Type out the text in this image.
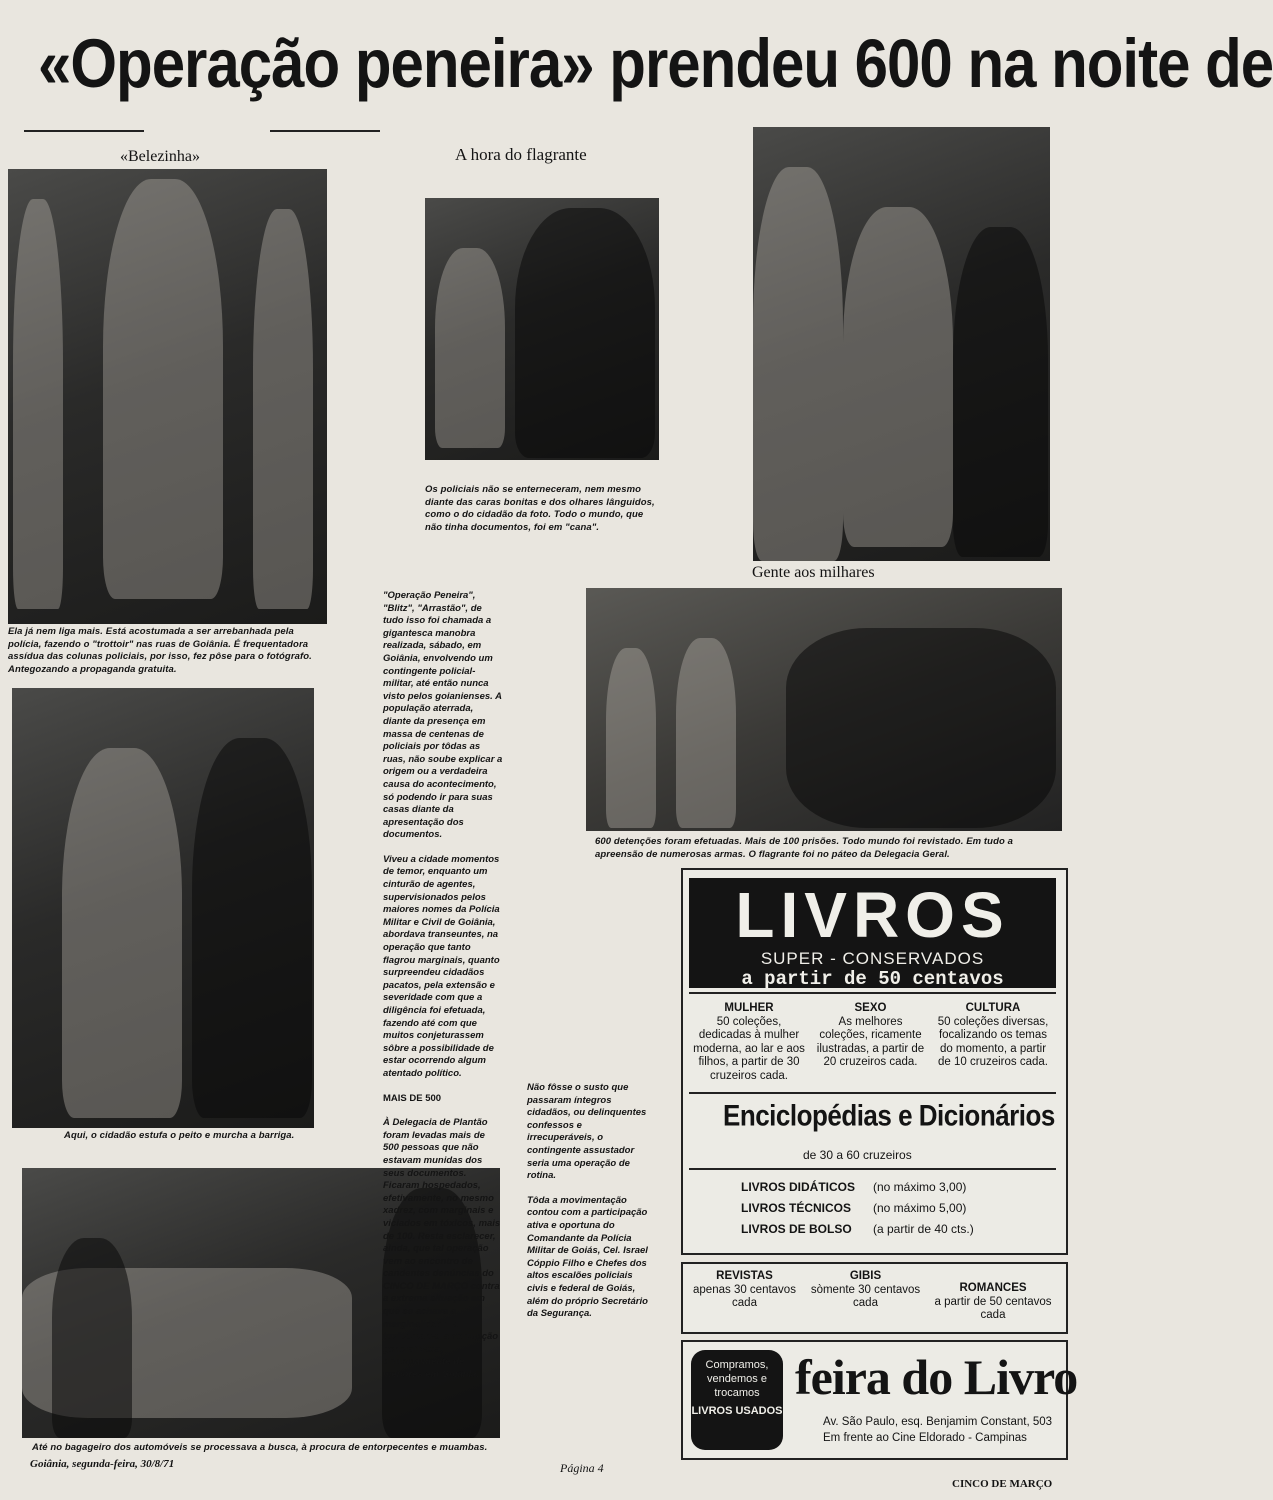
«Operação peneira» prendeu 600 na noite de
«Belezinha»
Ela já nem liga mais. Está acostumada a ser arrebanhada pela polícia, fazendo o "trottoir" nas ruas de Goiânia. É frequentadora assídua das colunas policiais, por isso, fez pôse para o fotógrafo. Antegozando a propaganda gratuita.
A hora do flagrante
Os policiais não se enterneceram, nem mesmo diante das caras bonitas e dos olhares lânguidos, como o do cidadão da foto. Todo o mundo, que não tinha documentos, foi em "cana".
Gente aos milhares
600 detenções foram efetuadas. Mais de 100 prisões. Todo mundo foi revistado. Em tudo a apreensão de numerosas armas. O flagrante foi no páteo da Delegacia Geral.
Aqui, o cidadão estufa o peito e murcha a barriga.
Até no bagageiro dos automóveis se processava a busca, à procura de entorpecentes e muambas.

"Operação Peneira", "Blitz", "Arrastão", de tudo isso foi chamada a gigantesca manobra realizada, sábado, em Goiânia, envolvendo um contingente policial-militar, até então nunca visto pelos goianienses. A população aterrada, diante da presença em massa de centenas de policiais por tôdas as ruas, não soube explicar a origem ou a verdadeira causa do acontecimento, só podendo ir para suas casas diante da apresentação dos documentos.

Viveu a cidade momentos de temor, enquanto um cinturão de agentes, supervisionados pelos maiores nomes da Polícia Militar e Civil de Goiânia, abordava transeuntes, na operação que tanto flagrou marginais, quanto surpreendeu cidadãos pacatos, pela extensão e severidade com que a diligência foi efetuada, fazendo até com que muitos conjeturassem sôbre a possibilidade de estar ocorrendo algum atentado político.

MAIS DE 500

À Delegacia de Plantão foram levadas mais de 500 pessoas que não estavam munidas dos seus documentos. Ficaram hospedados, efetivamente, no mesmo xadrez, com marginais e viciados em tóxicos, mais de 100. Resta esclarecer, ainda, que tal operação vem ao encontro de candentes denúncias do CINCO DE MARÇO contra a extrema situação em que se achava a marginalidade, a toxicomania, a corrupção generalizada, principalmente de menores em Goiânia.

Não fôsse o susto que passaram íntegros cidadãos, ou delinquentes confessos e irrecuperáveis, o contingente assustador seria uma operação de rotina.

Tôda a movimentação contou com a participação ativa e oportuna do Comandante da Polícia Militar de Goiás, Cel. Israel Cóppio Filho e Chefes dos altos escalões policiais civis e federal de Goiás, além do próprio Secretário da Segurança.

LIVROS
SUPER - CONSERVADOS
a partir de 50 centavos
MULHER
50 coleções, dedicadas à mulher moderna, ao lar e aos filhos, a partir de 30 cruzeiros cada.
SEXO
As melhores coleções, ricamente ilustradas, a partir de 20 cruzeiros cada.
CULTURA
50 coleções diversas, focalizando os temas do momento, a partir de 10 cruzeiros cada.
Enciclopédias e Dicionários
de 30 a 60 cruzeiros
LIVROS DIDÁTICOS (no máximo 3,00)
LIVROS TÉCNICOS (no máximo 5,00)
LIVROS DE BOLSO (a partir de 40 cts.)
REVISTAS
apenas 30 centavos cada
GIBIS
sòmente 30 centavos cada
ROMANCES
a partir de 50 centavos cada
Compramos, vendemos e trocamos
LIVROS USADOS
feira do Livro
Av. São Paulo, esq. Benjamim Constant, 503
Em frente ao Cine Eldorado - Campinas
Goiânia, segunda-feira, 30/8/71	Página 4
CINCO DE MARÇO
